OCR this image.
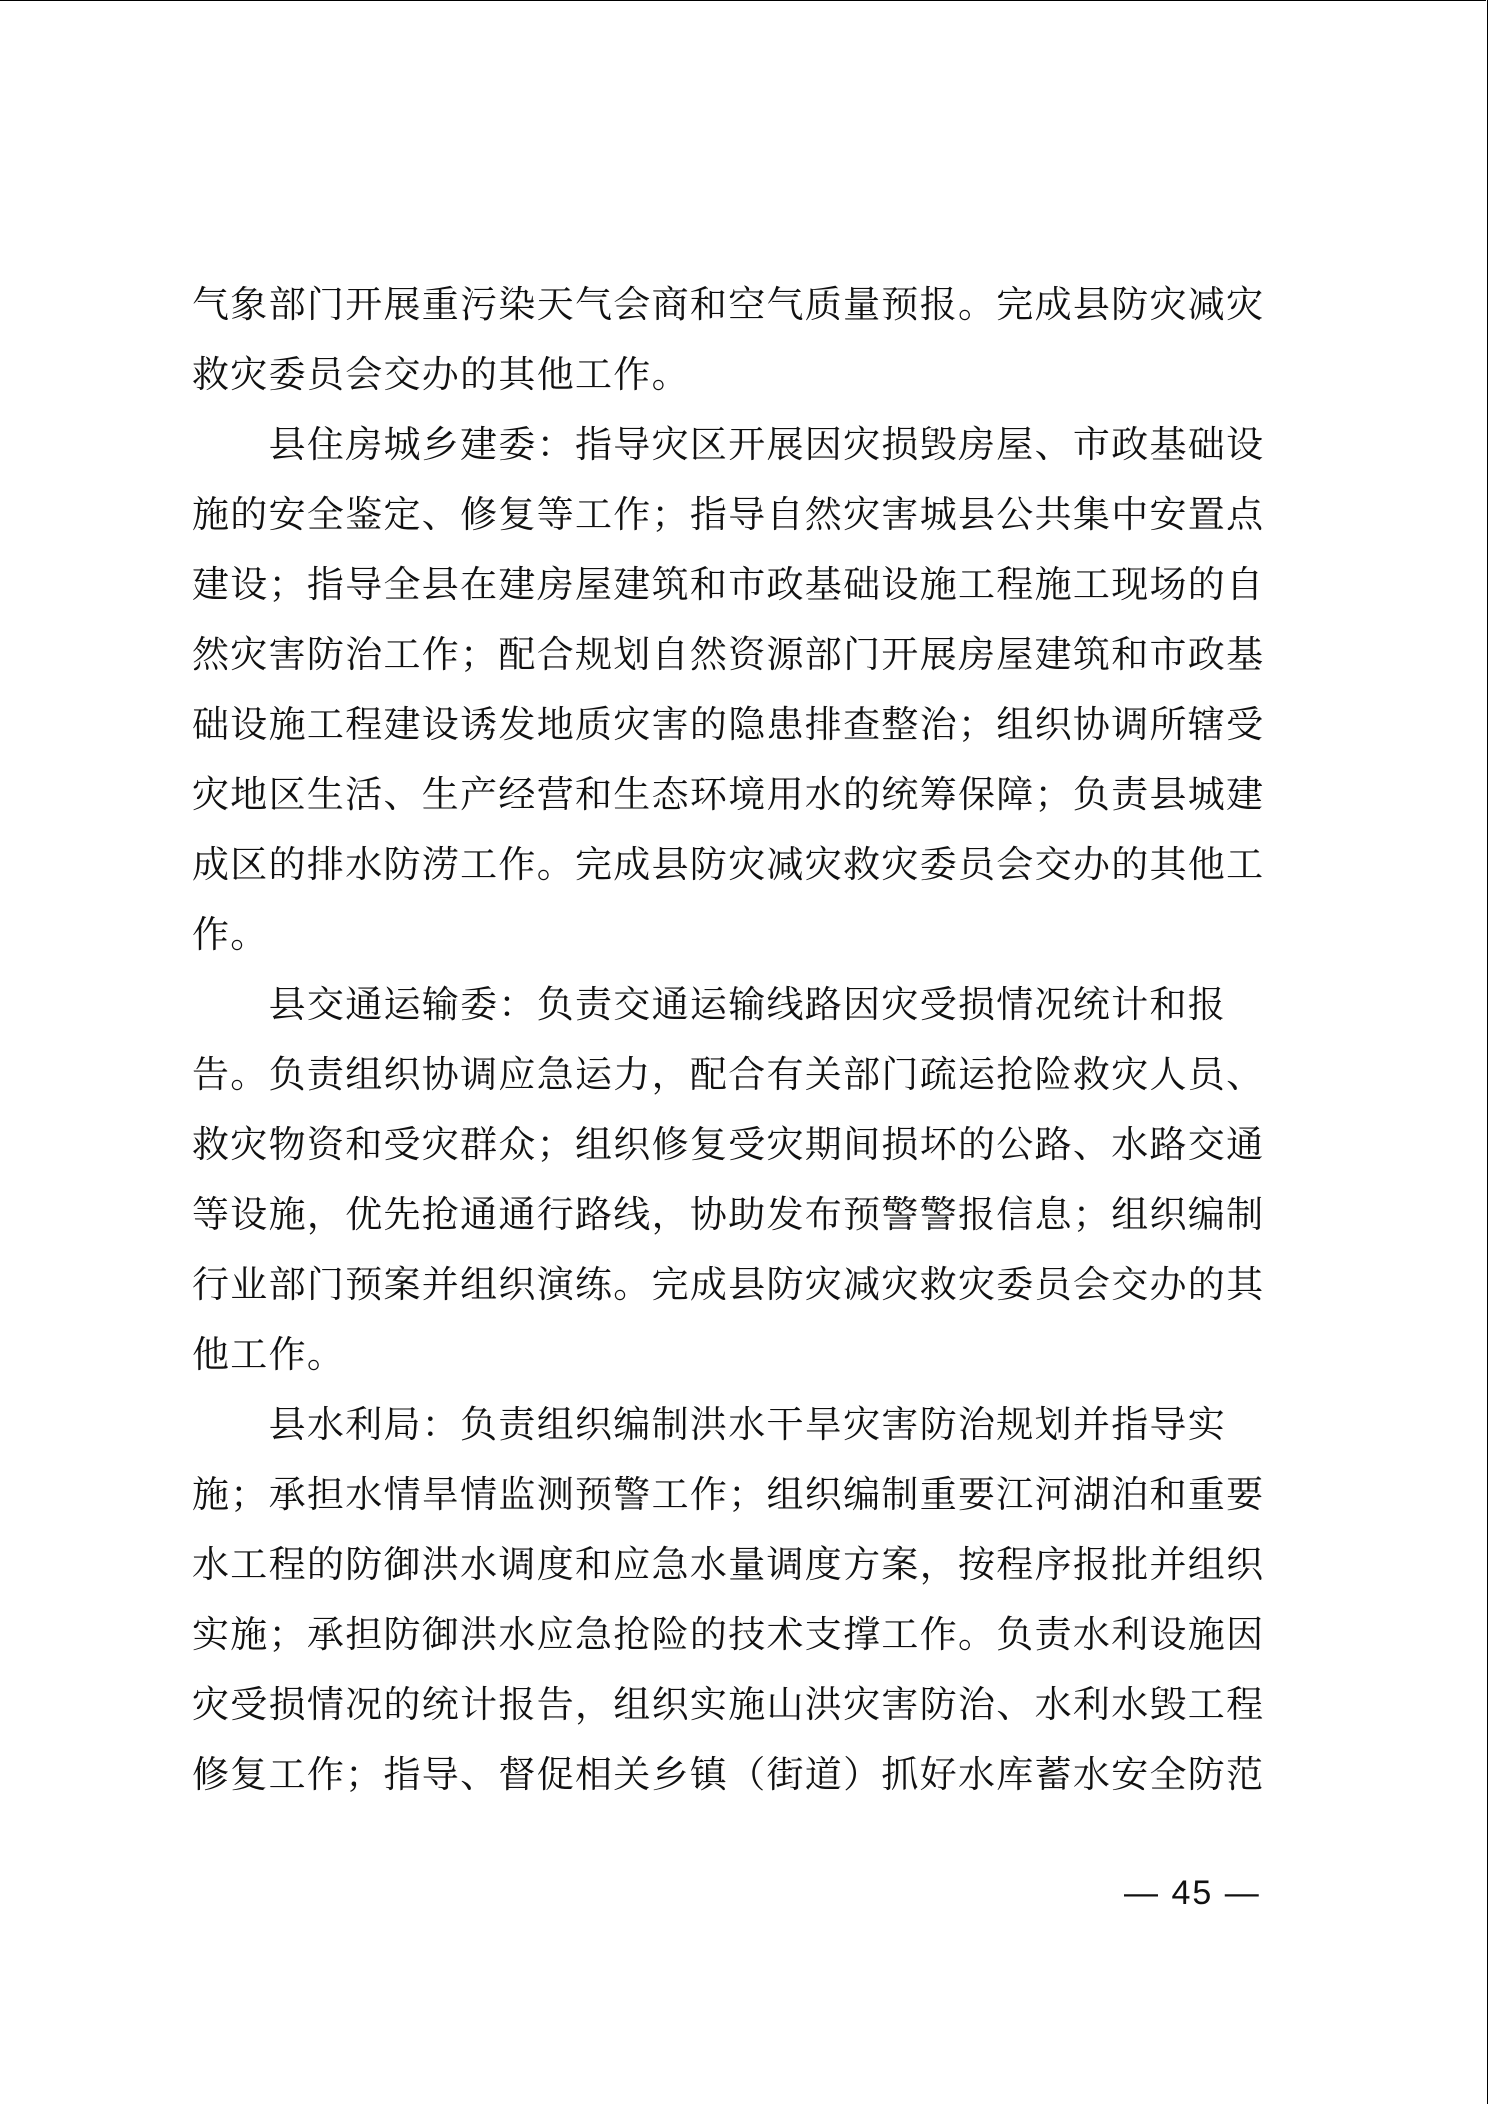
气象部门开展重污染天气会商和空气质量预报。完成县防灾减灾
救灾委员会交办的其他工作。
　　县住房城乡建委：指导灾区开展因灾损毁房屋、市政基础设
施的安全鉴定、修复等工作；指导自然灾害城县公共集中安置点
建设；指导全县在建房屋建筑和市政基础设施工程施工现场的自
然灾害防治工作；配合规划自然资源部门开展房屋建筑和市政基
础设施工程建设诱发地质灾害的隐患排查整治；组织协调所辖受
灾地区生活、生产经营和生态环境用水的统筹保障；负责县城建
成区的排水防涝工作。完成县防灾减灾救灾委员会交办的其他工
作。
　　县交通运输委：负责交通运输线路因灾受损情况统计和报
告。负责组织协调应急运力，配合有关部门疏运抢险救灾人员、
救灾物资和受灾群众；组织修复受灾期间损坏的公路、水路交通
等设施，优先抢通通行路线，协助发布预警警报信息；组织编制
行业部门预案并组织演练。完成县防灾减灾救灾委员会交办的其
他工作。
　　县水利局：负责组织编制洪水干旱灾害防治规划并指导实
施；承担水情旱情监测预警工作；组织编制重要江河湖泊和重要
水工程的防御洪水调度和应急水量调度方案，按程序报批并组织
实施；承担防御洪水应急抢险的技术支撑工作。负责水利设施因
灾受损情况的统计报告，组织实施山洪灾害防治、水利水毁工程
修复工作；指导、督促相关乡镇（街道）抓好水库蓄水安全防范
— 45 —
